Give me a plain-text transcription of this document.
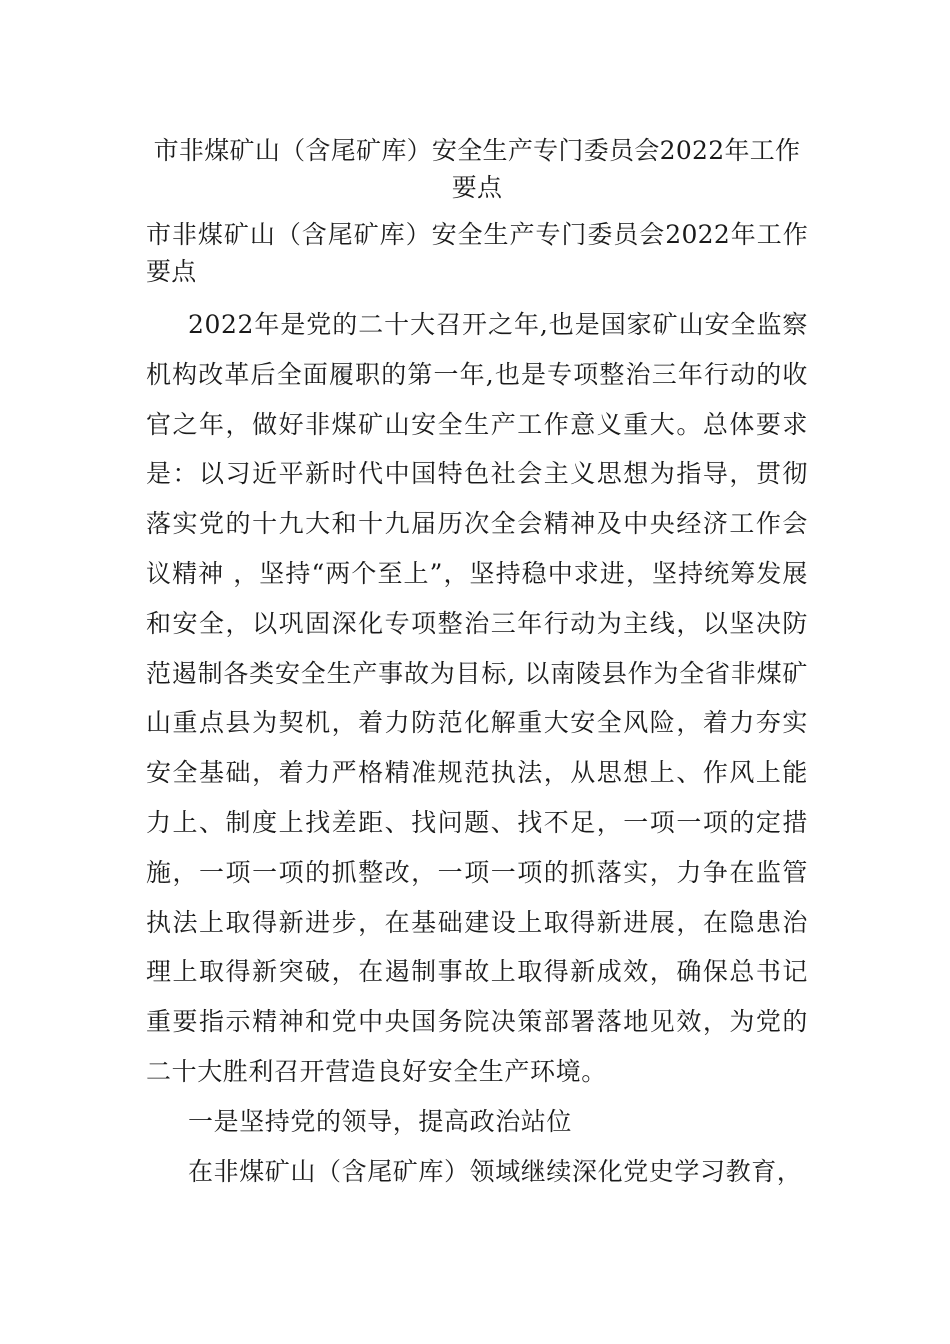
市非煤矿山（含尾矿库）安全生产专门委员会2022年工作要点
市非煤矿山（含尾矿库）安全生产专门委员会2022年工作要点

2022年是党的二十大召开之年,也是国家矿山安全监察机构改革后全面履职的第一年,也是专项整治三年行动的收官之年，做好非煤矿山安全生产工作意义重大。总体要求是：以习近平新时代中国特色社会主义思想为指导，贯彻落实党的十九大和十九届历次全会精神及中央经济工作会议精神 ，坚持“两个至上”，坚持稳中求进，坚持统筹发展和安全，以巩固深化专项整治三年行动为主线，以坚决防范遏制各类安全生产事故为目标, 以南陵县作为全省非煤矿山重点县为契机，着力防范化解重大安全风险，着力夯实安全基础，着力严格精准规范执法，从思想上、作风上能力上、制度上找差距、找问题、找不足，一项一项的定措施，一项一项的抓整改，一项一项的抓落实，力争在监管执法上取得新进步，在基础建设上取得新进展，在隐患治理上取得新突破，在遏制事故上取得新成效，确保总书记重要指示精神和党中央国务院决策部署落地见效，为党的二十大胜利召开营造良好安全生产环境。

一是坚持党的领导，提高政治站位

在非煤矿山（含尾矿库）领域继续深化党史学习教育，
